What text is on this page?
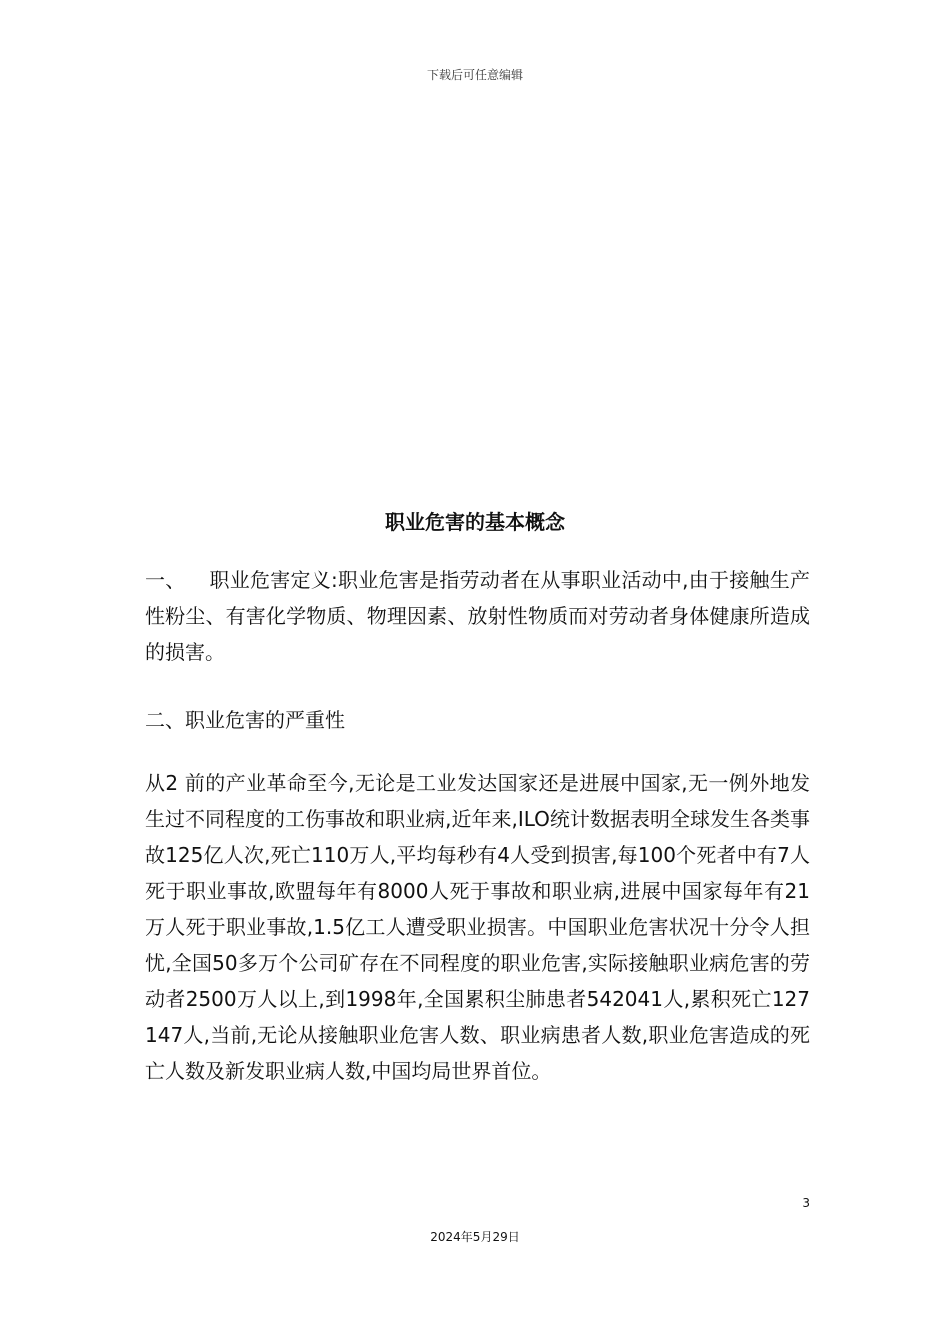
下载后可任意编辑
职业危害的基本概念

一、 职业危害定义:职业危害是指劳动者在从事职业活动中,由于接触生产性粉尘、有害化学物质、物理因素、放射性物质而对劳动者身体健康所造成的损害。

二、职业危害的严重性

从2 前的产业革命至今,无论是工业发达国家还是进展中国家,无一例外地发生过不同程度的工伤事故和职业病,近年来,ILO统计数据表明全球发生各类事故125亿人次,死亡110万人,平均每秒有4人受到损害,每100个死者中有7人死于职业事故,欧盟每年有8000人死于事故和职业病,进展中国家每年有21万人死于职业事故,1.5亿工人遭受职业损害。中国职业危害状况十分令人担忧,全国50多万个公司矿存在不同程度的职业危害,实际接触职业病危害的劳动者2500万人以上,到1998年,全国累积尘肺患者542041人,累积死亡127147人,当前,无论从接触职业危害人数、职业病患者人数,职业危害造成的死亡人数及新发职业病人数,中国均局世界首位。

3
2024年5月29日
